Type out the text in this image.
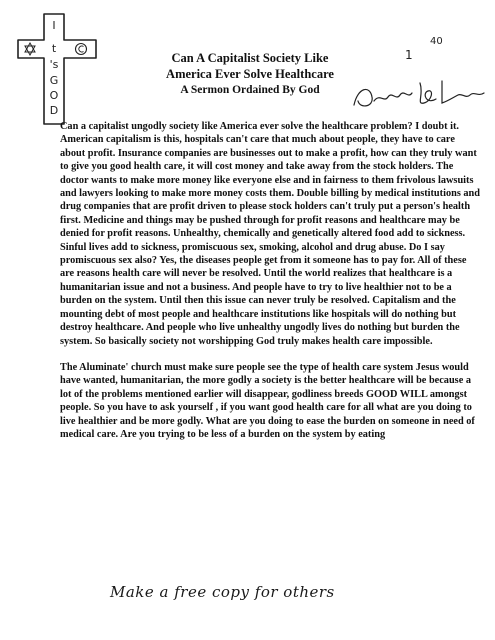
I
t
's
G
O
D
Can A Capitalist Society Like
America Ever Solve Healthcare
A Sermon Ordained By God
1
40

Can a capitalist ungodly society like America ever solve the healthcare problem? I doubt it. American capitalism is this, hospitals can't care that much about people, they have to care about profit. Insurance companies are businesses out to make a profit, how can they truly want to give you good health care, it will cost money and take away from the stock holders. The doctor wants to make more money like everyone else and in fairness to them frivolous lawsuits and lawyers looking to make more money costs them. Double billing by medical institutions and drug companies that are profit driven to please stock holders can't truly put a person's health first. Medicine and things may be pushed through for profit reasons and healthcare may be denied for profit reasons. Unhealthy, chemically and genetically altered food add to sickness. Sinful lives add to sickness, promiscuous sex, smoking, alcohol and drug abuse. Do I say promiscuous sex also? Yes, the diseases people get from it someone has to pay for. All of these are reasons health care will never be resolved. Until the world realizes that healthcare is a humanitarian issue and not a business. And people have to try to live healthier not to be a burden on the system. Until then this issue can never truly be resolved. Capitalism and the mounting debt of most people and healthcare institutions like hospitals will do nothing but destroy healthcare. And people who live unhealthy ungodly lives do nothing but burden the system. So basically society not worshipping God truly makes health care impossible.

The Aluminate' church must make sure people see the type of health care system Jesus would have wanted, humanitarian, the more godly a society is the better healthcare will be because a lot of the problems mentioned earlier will disappear, godliness breeds GOOD WILL amongst people. So you have to ask yourself , if you want good health care for all what are you doing to live healthier and be more godly. What are you doing to ease the burden on someone in need of medical care. Are you trying to be less of a burden on the system by eating

Make a free copy for others
